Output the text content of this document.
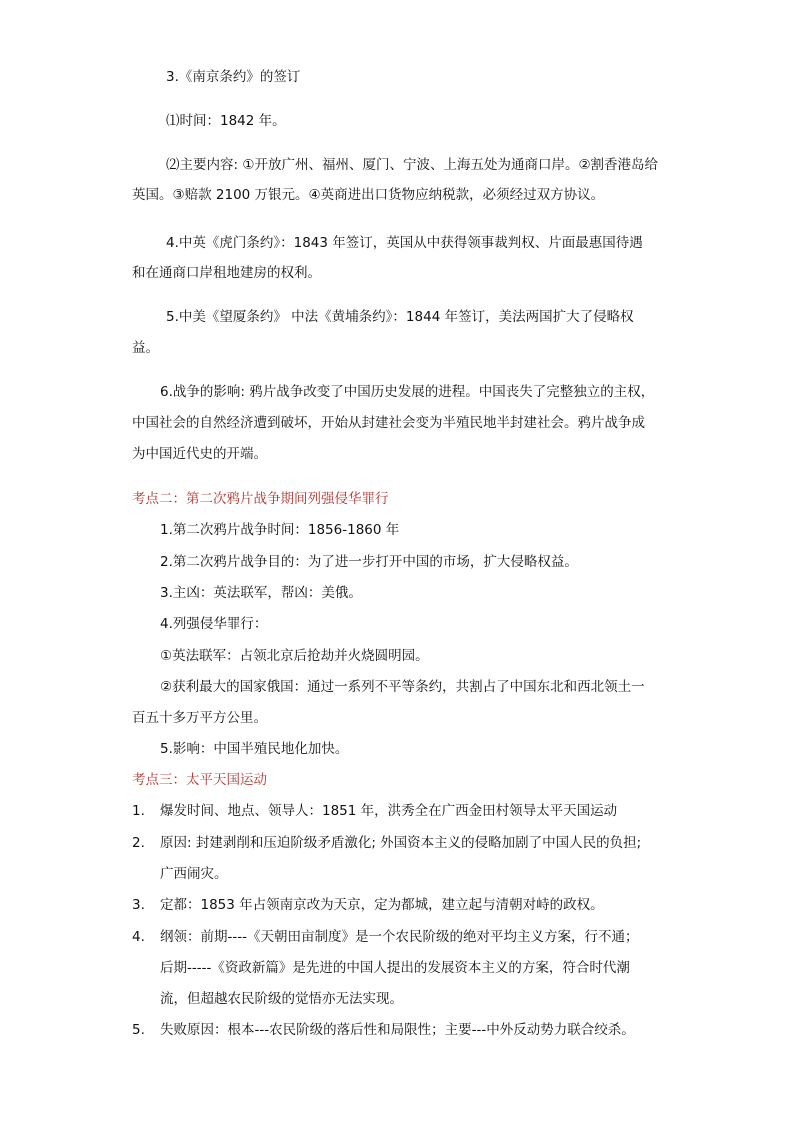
3.《南京条约》的签订
⑴时间：1842 年。
⑵主要内容: ①开放广州、福州、厦门、宁波、上海五处为通商口岸。②割香港岛给
英国。③赔款 2100 万银元。④英商进出口货物应纳税款，必须经过双方协议。
4.中英《虎门条约》：1843 年签订，英国从中获得领事裁判权、片面最惠国待遇
和在通商口岸租地建房的权利。
5.中美《望厦条约》 中法《黄埔条约》：1844 年签订，美法两国扩大了侵略权
益。
6.战争的影响: 鸦片战争改变了中国历史发展的进程。中国丧失了完整独立的主权，
中国社会的自然经济遭到破坏，开始从封建社会变为半殖民地半封建社会。鸦片战争成
为中国近代史的开端。
考点二：第二次鸦片战争期间列强侵华罪行
1.第二次鸦片战争时间：1856-1860 年
2.第二次鸦片战争目的：为了进一步打开中国的市场，扩大侵略权益。
3.主凶：英法联军，帮凶：美俄。
4.列强侵华罪行：
①英法联军：占领北京后抢劫并火烧圆明园。
②获利最大的国家俄国：通过一系列不平等条约，共割占了中国东北和西北领土一
百五十多万平方公里。
5.影响：中国半殖民地化加快。
考点三：太平天国运动
1. 爆发时间、地点、领导人：1851 年，洪秀全在广西金田村领导太平天国运动
2. 原因: 封建剥削和压迫阶级矛盾激化; 外国资本主义的侵略加剧了中国人民的负担;
广西闹灾。
3. 定都：1853 年占领南京改为天京，定为都城，建立起与清朝对峙的政权。
4. 纲领：前期----《天朝田亩制度》是一个农民阶级的绝对平均主义方案，行不通；
后期-----《资政新篇》是先进的中国人提出的发展资本主义的方案，符合时代潮
流，但超越农民阶级的觉悟亦无法实现。
5. 失败原因：根本---农民阶级的落后性和局限性；主要---中外反动势力联合绞杀。
